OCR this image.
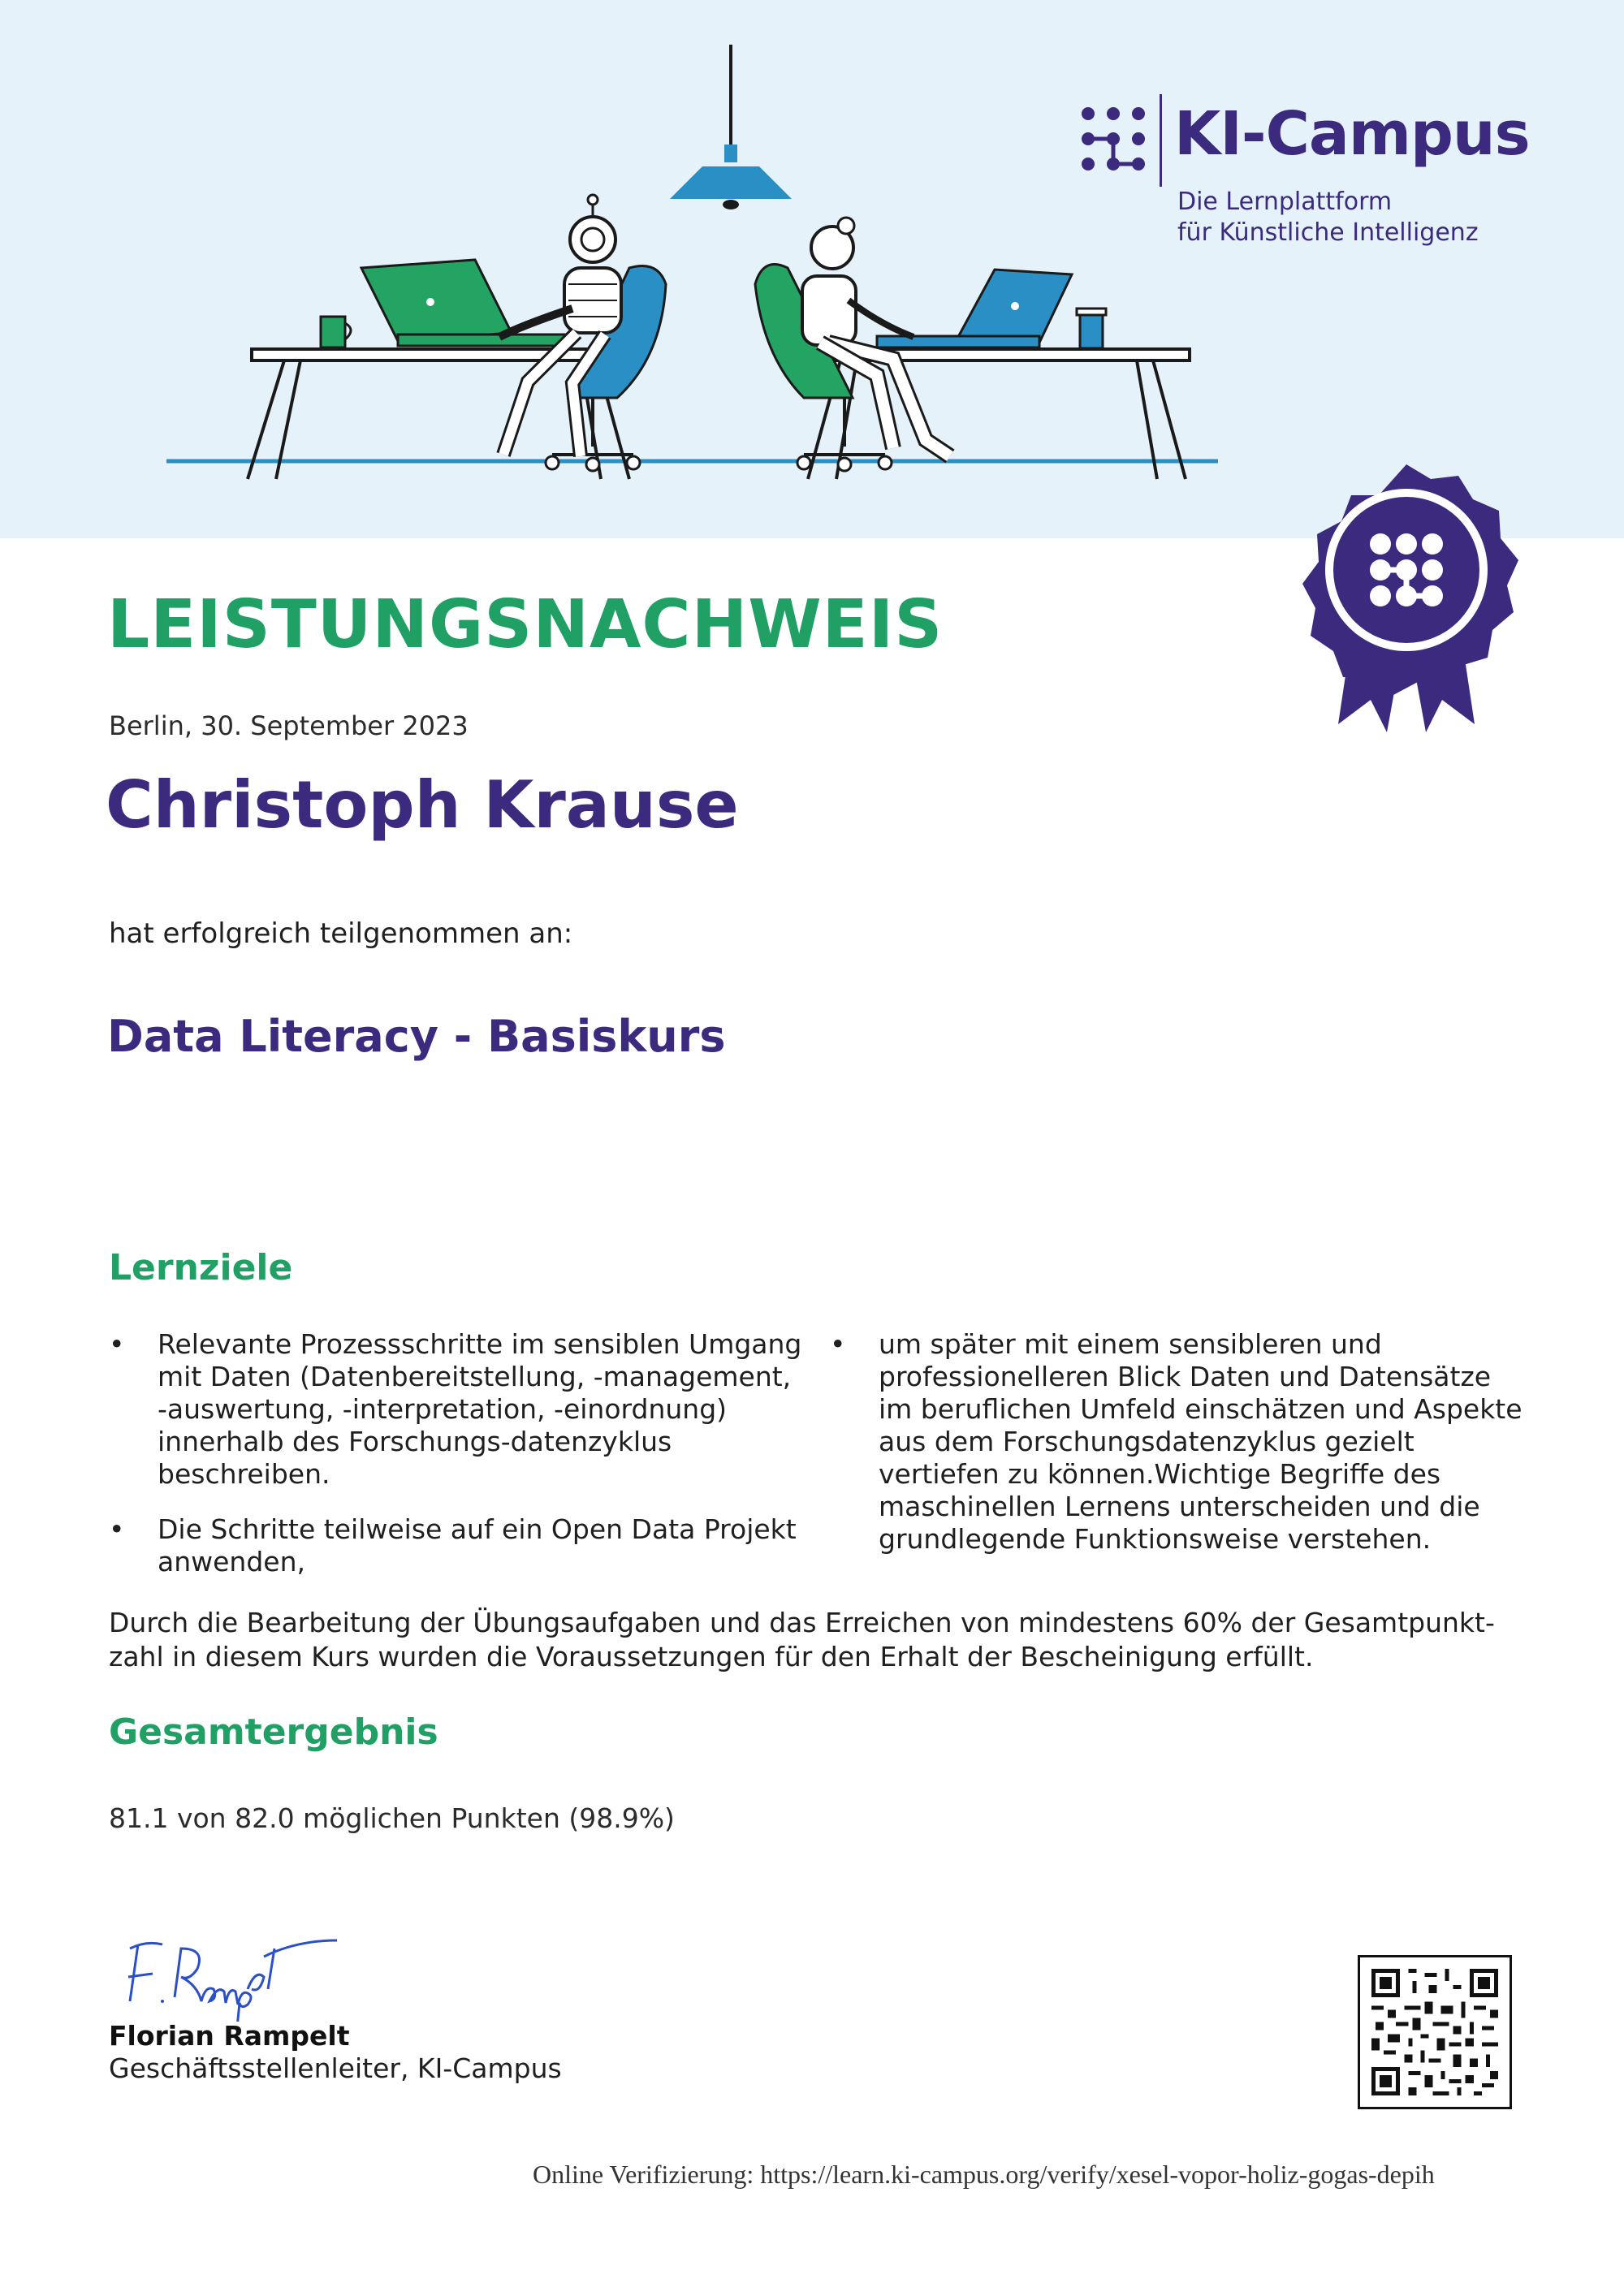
KI-Campus
Die Lernplattform
für Künstliche Intelligenz
LEISTUNGSNACHWEIS
Berlin, 30. September 2023
Christoph Krause
hat erfolgreich teilgenommen an:
Data Literacy - Basiskurs
Lernziele
• Relevante Prozessschritte im sensiblen Umgang mit Daten (Datenbereitstellung, -management, -auswertung, -interpretation, -einordnung) innerhalb des Forschungs-datenzyklus beschreiben.
• Die Schritte teilweise auf ein Open Data Projekt anwenden,
• um später mit einem sensibleren und professionelleren Blick Daten und Datensätze im beruflichen Umfeld einschätzen und Aspekte aus dem Forschungsdatenzyklus gezielt vertiefen zu können.Wichtige Begriffe des maschinellen Lernens unterscheiden und die grundlegende Funktionsweise verstehen.
Durch die Bearbeitung der Übungsaufgaben und das Erreichen von mindestens 60% der Gesamtpunkt-zahl in diesem Kurs wurden die Voraussetzungen für den Erhalt der Bescheinigung erfüllt.
Gesamtergebnis
81.1 von 82.0 möglichen Punkten (98.9%)
Florian Rampelt
Geschäftsstellenleiter, KI-Campus
Online Verifizierung: https://learn.ki-campus.org/verify/xesel-vopor-holiz-gogas-depih
